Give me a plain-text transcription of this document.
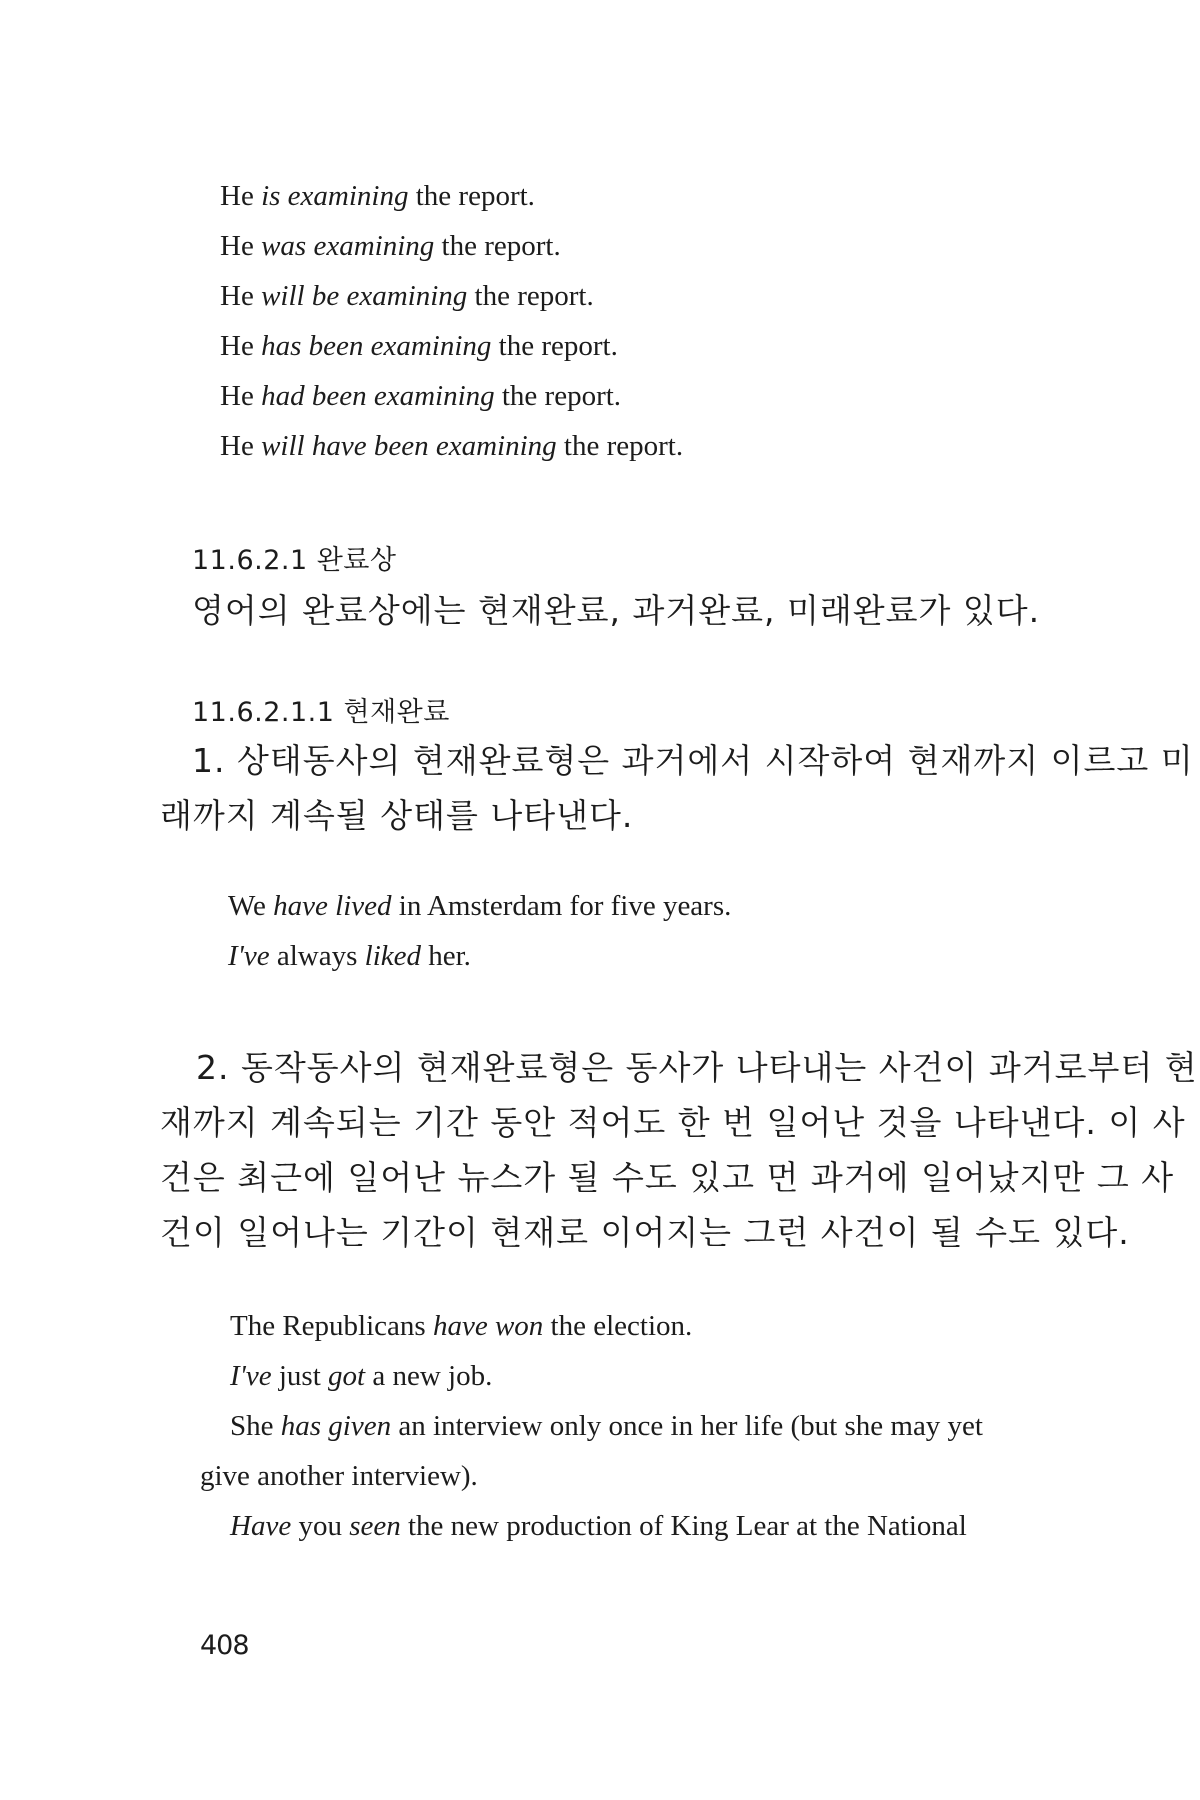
He is examining the report.

He was examining the report.

He will be examining the report.

He has been examining the report.

He had been examining the report.

He will have been examining the report.

11.6.2.1 완료상

영어의 완료상에는 현재완료, 과거완료, 미래완료가 있다.

11.6.2.1.1 현재완료

1. 상태동사의 현재완료형은 과거에서 시작하여 현재까지 이르고 미

래까지 계속될 상태를 나타낸다.

We have lived in Amsterdam for five years.

I've always liked her.

2. 동작동사의 현재완료형은 동사가 나타내는 사건이 과거로부터 현

재까지 계속되는 기간 동안 적어도 한 번 일어난 것을 나타낸다. 이 사

건은 최근에 일어난 뉴스가 될 수도 있고 먼 과거에 일어났지만 그 사

건이 일어나는 기간이 현재로 이어지는 그런 사건이 될 수도 있다.

The Republicans have won the election.

I've just got a new job.

She has given an interview only once in her life (but she may yet

give another interview).

Have you seen the new production of King Lear at the National

408
